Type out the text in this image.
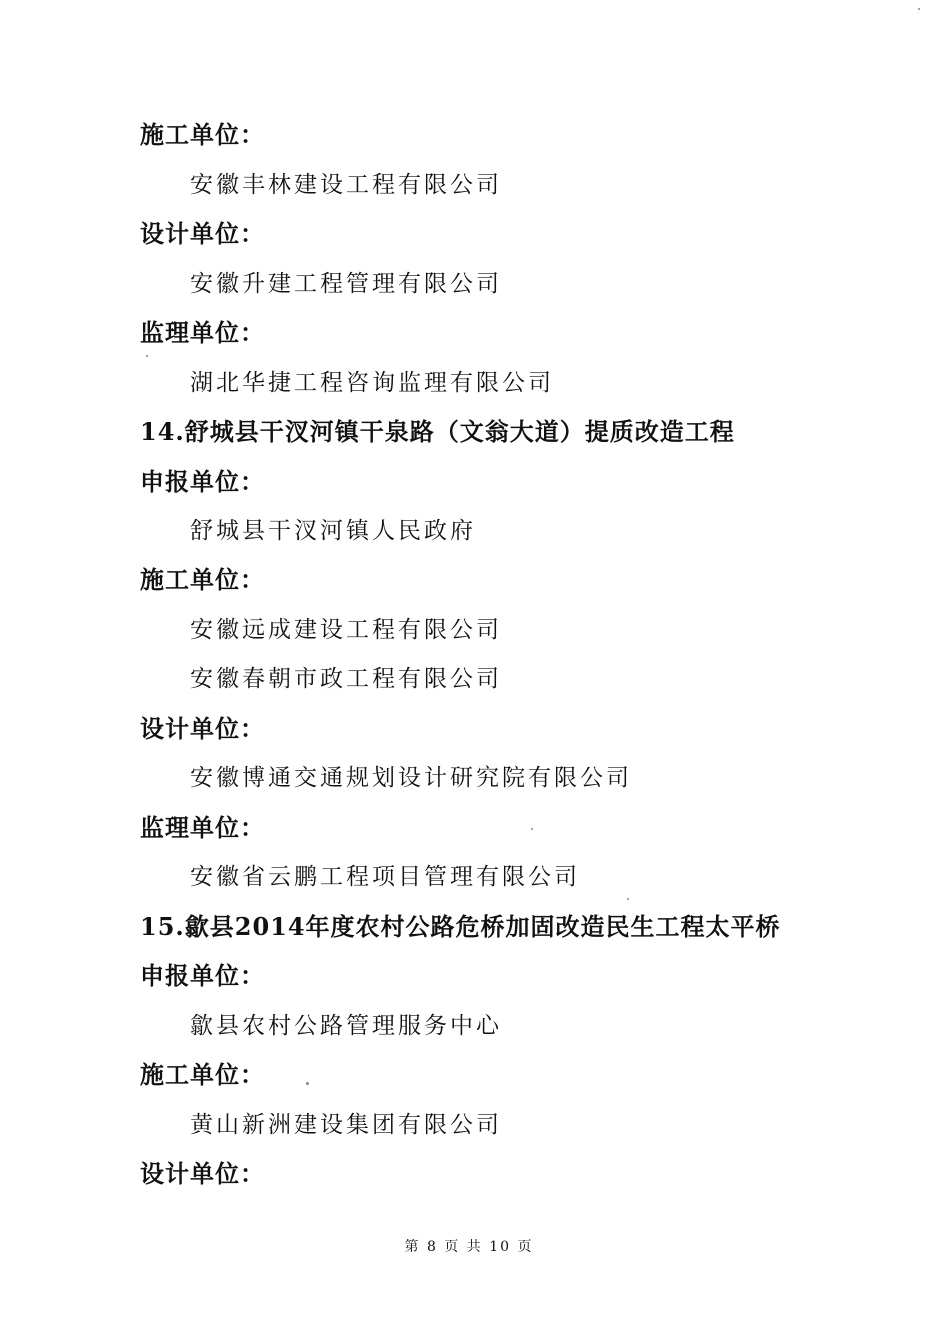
施工单位：
安徽丰林建设工程有限公司
设计单位：
安徽升建工程管理有限公司
监理单位：
湖北华捷工程咨询监理有限公司
14.舒城县干汊河镇干泉路（文翁大道）提质改造工程
申报单位：
舒城县干汊河镇人民政府
施工单位：
安徽远成建设工程有限公司
安徽春朝市政工程有限公司
设计单位：
安徽博通交通规划设计研究院有限公司
监理单位：
安徽省云鹏工程项目管理有限公司
15.歙县2014年度农村公路危桥加固改造民生工程太平桥
申报单位：
歙县农村公路管理服务中心
施工单位：
黄山新洲建设集团有限公司
设计单位：
第 8 页 共 10 页
